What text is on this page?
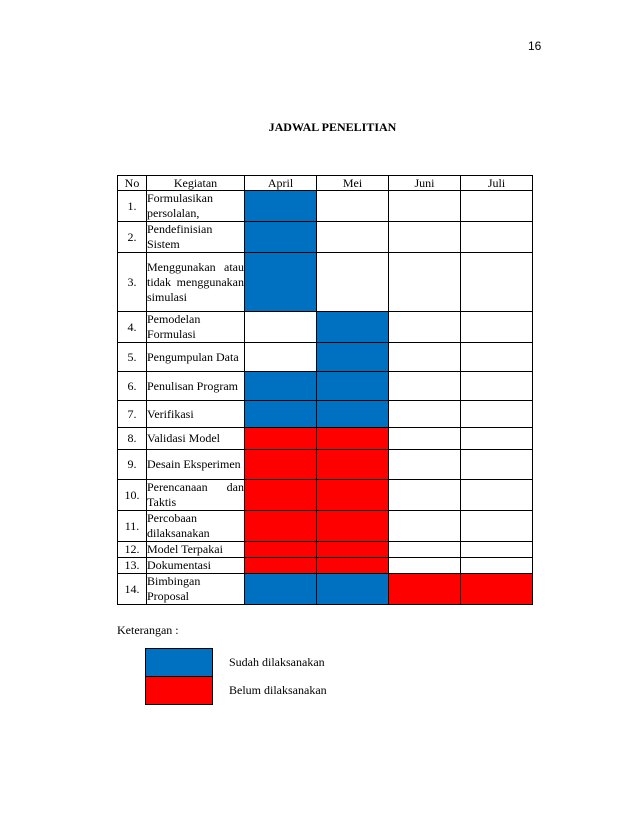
16
JADWAL PENELITIAN
No	Kegiatan	April	Mei	Juni	Juli
1.	Formulasikan persolalan,				
2.	Pendefinisian Sistem				
3.	Menggunakan atau tidak menggunakan simulasi				
4.	Pemodelan Formulasi				
5.	Pengumpulan Data				
6.	Penulisan Program				
7.	Verifikasi				
8.	Validasi Model				
9.	Desain Eksperimen				
10.	Perencanaan dan Taktis				
11.	Percobaan dilaksanakan				
12.	Model Terpakai				
13.	Dokumentasi				
14.	Bimbingan Proposal				
Keterangan :
Sudah dilaksanakan
Belum dilaksanakan
